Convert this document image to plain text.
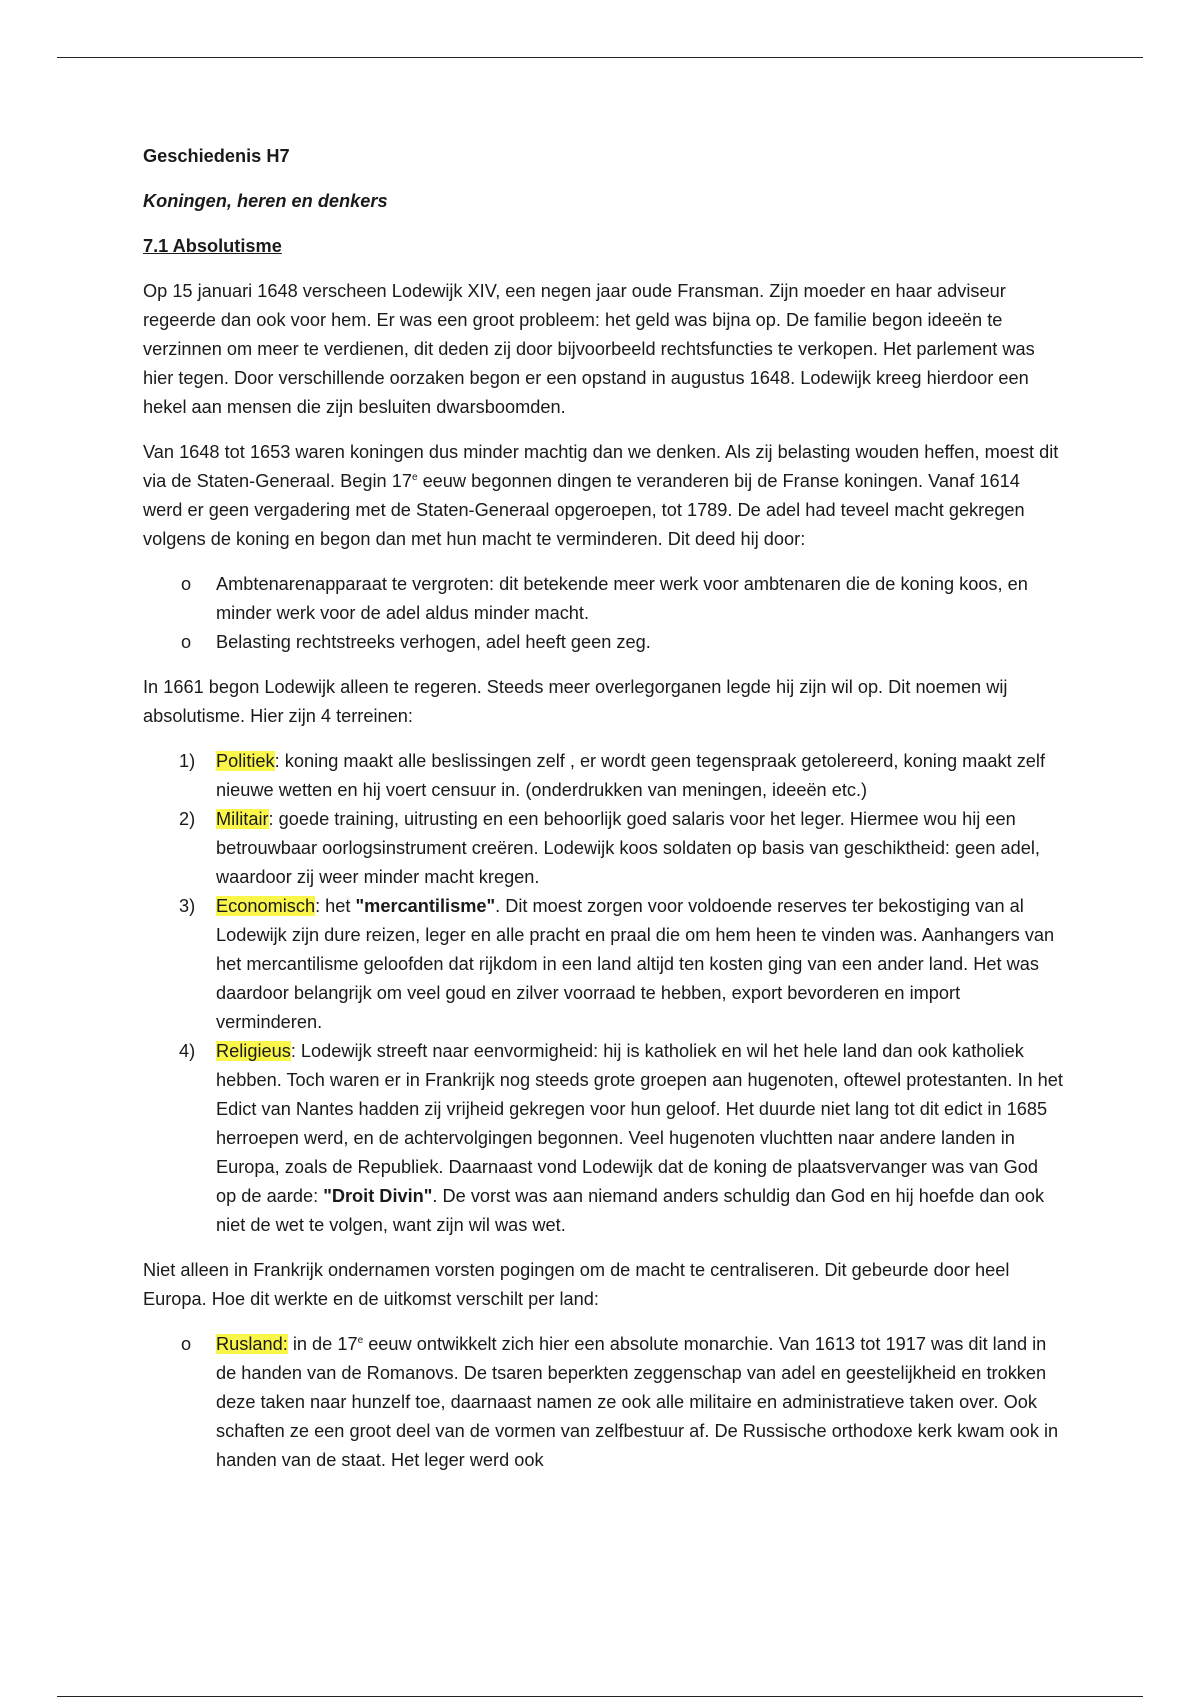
Geschiedenis H7

Koningen, heren en denkers

7.1 Absolutisme

Op 15 januari 1648 verscheen Lodewijk XIV, een negen jaar oude Fransman. Zijn moeder en haar adviseur regeerde dan ook voor hem. Er was een groot probleem: het geld was bijna op. De familie begon ideeën te verzinnen om meer te verdienen, dit deden zij door bijvoorbeeld rechtsfuncties te verkopen. Het parlement was hier tegen. Door verschillende oorzaken begon er een opstand in augustus 1648. Lodewijk kreeg hierdoor een hekel aan mensen die zijn besluiten dwarsboomden.

Van 1648 tot 1653 waren koningen dus minder machtig dan we denken. Als zij belasting wouden heffen, moest dit via de Staten-Generaal. Begin 17e eeuw begonnen dingen te veranderen bij de Franse koningen. Vanaf 1614 werd er geen vergadering met de Staten-Generaal opgeroepen, tot 1789. De adel had teveel macht gekregen volgens de koning en begon dan met hun macht te verminderen. Dit deed hij door:

o Ambtenarenapparaat te vergroten: dit betekende meer werk voor ambtenaren die de koning koos, en minder werk voor de adel aldus minder macht.
o Belasting rechtstreeks verhogen, adel heeft geen zeg.

In 1661 begon Lodewijk alleen te regeren. Steeds meer overlegorganen legde hij zijn wil op. Dit noemen wij absolutisme. Hier zijn 4 terreinen:

1) Politiek: koning maakt alle beslissingen zelf , er wordt geen tegenspraak getolereerd, koning maakt zelf nieuwe wetten en hij voert censuur in. (onderdrukken van meningen, ideeën etc.)
2) Militair: goede training, uitrusting en een behoorlijk goed salaris voor het leger. Hiermee wou hij een betrouwbaar oorlogsinstrument creëren. Lodewijk koos soldaten op basis van geschiktheid: geen adel, waardoor zij weer minder macht kregen.
3) Economisch: het "mercantilisme". Dit moest zorgen voor voldoende reserves ter bekostiging van al Lodewijk zijn dure reizen, leger en alle pracht en praal die om hem heen te vinden was. Aanhangers van het mercantilisme geloofden dat rijkdom in een land altijd ten kosten ging van een ander land. Het was daardoor belangrijk om veel goud en zilver voorraad te hebben, export bevorderen en import verminderen.
4) Religieus: Lodewijk streeft naar eenvormigheid: hij is katholiek en wil het hele land dan ook katholiek hebben. Toch waren er in Frankrijk nog steeds grote groepen aan hugenoten, oftewel protestanten. In het Edict van Nantes hadden zij vrijheid gekregen voor hun geloof. Het duurde niet lang tot dit edict in 1685 herroepen werd, en de achtervolgingen begonnen. Veel hugenoten vluchtten naar andere landen in Europa, zoals de Republiek. Daarnaast vond Lodewijk dat de koning de plaatsvervanger was van God op de aarde: "Droit Divin". De vorst was aan niemand anders schuldig dan God en hij hoefde dan ook niet de wet te volgen, want zijn wil was wet.

Niet alleen in Frankrijk ondernamen vorsten pogingen om de macht te centraliseren. Dit gebeurde door heel Europa. Hoe dit werkte en de uitkomst verschilt per land:

o Rusland: in de 17e eeuw ontwikkelt zich hier een absolute monarchie. Van 1613 tot 1917 was dit land in de handen van de Romanovs. De tsaren beperkten zeggenschap van adel en geestelijkheid en trokken deze taken naar hunzelf toe, daarnaast namen ze ook alle militaire en administratieve taken over. Ook schaften ze een groot deel van de vormen van zelfbestuur af. De Russische orthodoxe kerk kwam ook in handen van de staat. Het leger werd ook
